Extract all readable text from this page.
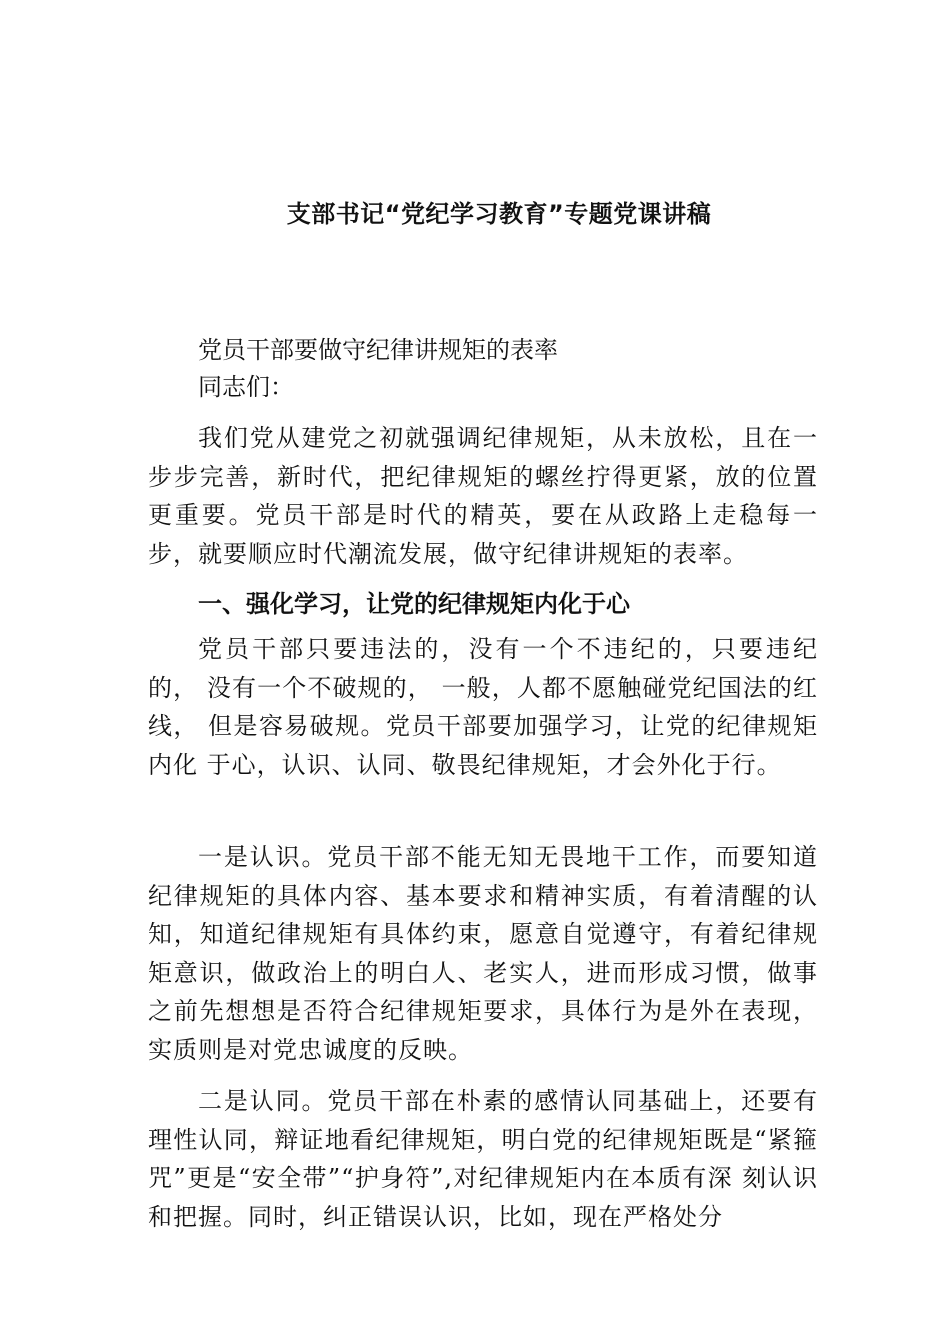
支部书记“党纪学习教育”专题党课讲稿
党员干部要做守纪律讲规矩的表率
同志们：

我们党从建党之初就强调纪律规矩，从未放松，且在一步步完善，新时代，把纪律规矩的螺丝拧得更紧，放的位置更重要。党员干部是时代的精英，要在从政路上走稳每一步，就要顺应时代潮流发展，做守纪律讲规矩的表率。

一、强化学习，让党的纪律规矩内化于心

党员干部只要违法的，没有一个不违纪的，只要违纪的， 没有一个不破规的， 一般，人都不愿触碰党纪国法的红线， 但是容易破规。党员干部要加强学习，让党的纪律规矩内化 于心，认识、认同、敬畏纪律规矩，才会外化于行。

一是认识。党员干部不能无知无畏地干工作，而要知道纪律规矩的具体内容、基本要求和精神实质，有着清醒的认知，知道纪律规矩有具体约束，愿意自觉遵守，有着纪律规矩意识，做政治上的明白人、老实人，进而形成习惯，做事之前先想想是否符合纪律规矩要求，具体行为是外在表现，实质则是对党忠诚度的反映。

二是认同。党员干部在朴素的感情认同基础上，还要有理性认同，辩证地看纪律规矩，明白党的纪律规矩既是“紧箍咒”更是“安全带”“护身符”,对纪律规矩内在本质有深 刻认识和把握。同时，纠正错误认识，比如，现在严格处分
